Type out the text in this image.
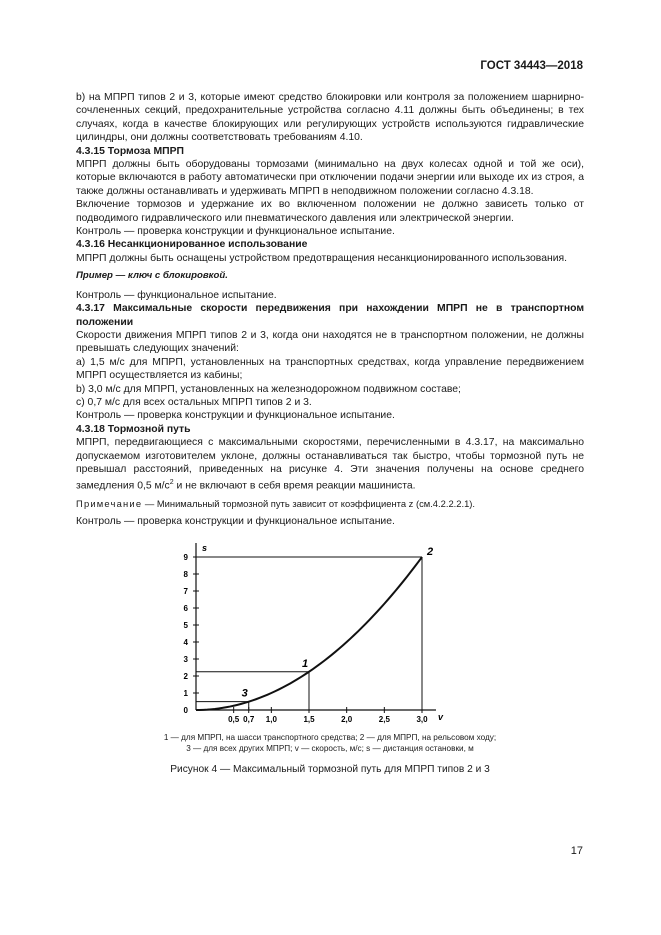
ГОСТ 34443—2018

b) на МПРП типов 2 и 3, которые имеют средство блокировки или контроля за положением шарнирно-сочлененных секций, предохранительные устройства согласно 4.11 должны быть объединены; в тех случаях, когда в качестве блокирующих или регулирующих устройств используются гидравлические цилиндры, они должны соответствовать требованиям 4.10.

4.3.15 Тормоза МПРП

МПРП должны быть оборудованы тормозами (минимально на двух колесах одной и той же оси), которые включаются в работу автоматически при отключении подачи энергии или выходе их из строя, а также должны останавливать и удерживать МПРП в неподвижном положении согласно 4.3.18.

Включение тормозов и удержание их во включенном положении не должно зависеть только от подводимого гидравлического или пневматического давления или электрической энергии.

Контроль — проверка конструкции и функциональное испытание.

4.3.16 Несанкционированное использование

МПРП должны быть оснащены устройством предотвращения несанкционированного использования.

Пример — ключ с блокировкой.

Контроль — функциональное испытание.

4.3.17 Максимальные скорости передвижения при нахождении МПРП не в транспортном положении

Скорости движения МПРП типов 2 и 3, когда они находятся не в транспортном положении, не должны превышать следующих значений:

а) 1,5 м/с для МПРП, установленных на транспортных средствах, когда управление передвижением МПРП осуществляется из кабины;

b) 3,0 м/с для МПРП, установленных на железнодорожном подвижном составе;

c) 0,7 м/с для всех остальных МПРП типов 2 и 3.

Контроль — проверка конструкции и функциональное испытание.

4.3.18 Тормозной путь

МПРП, передвигающиеся с максимальными скоростями, перечисленными в 4.3.17, на максимально допускаемом изготовителем уклоне, должны останавливаться так быстро, чтобы тормозной путь не превышал расстояний, приведенных на рисунке 4. Эти значения получены на основе среднего замедления 0,5 $м/с^2$ и не включают в себя время реакции машиниста.

Примечание — Минимальный тормозной путь зависит от коэффициента z (см.4.2.2.2.1).

Контроль — проверка конструкции и функциональное испытание.

s
v
0
1
2
3
4
5
6
7
8
9
0,5 0,7 1,0	1,5	2,0	2,5	3,0
3
1
2
1 — для МПРП, на шасси транспортного средства; 2 — для МПРП, на рельсовом ходу;
3 — для всех других МПРП; v — скорость, м/с; s — дистанция остановки, м
Рисунок 4 — Максимальный тормозной путь для МПРП типов 2 и 3

17
